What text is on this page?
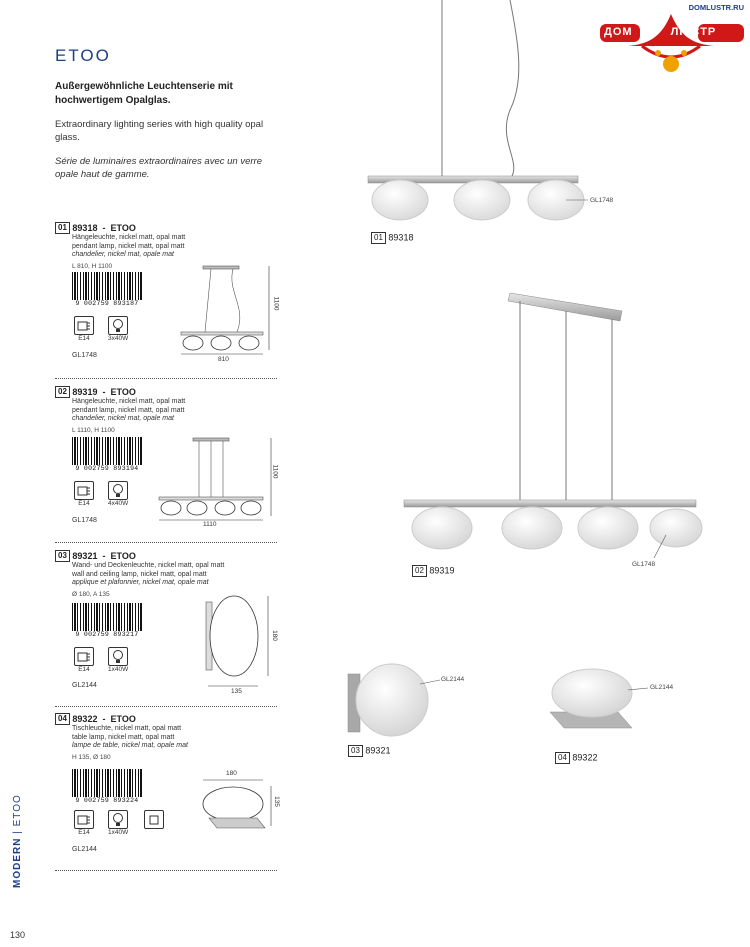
DOMLUSTR.RU
ДОМ ЛЮСТР
ETOO
Außergewöhnliche Leuchtenserie mit hochwertigem Opalglas.
Extraordinary lighting series with high quality opal glass.
Série de luminaires extraordinaires avec un verre opale haut de gamme.
01 89318  -  ETOO
Hängeleuchte, nickel matt, opal matt
pendant lamp, nickel matt, opal matt
chandelier, nickel mat, opale mat
L 810, H 1100
9 002759 893187
E14	3x40W
GL1748
810
1100
02 89319  -  ETOO
Hängeleuchte, nickel matt, opal matt
pendant lamp, nickel matt, opal matt
chandelier, nickel mat, opale mat
L 1110, H 1100
9 002759 893194
E14	4x40W
GL1748
1110
1100
03 89321  -  ETOO
Wand- und Deckenleuchte, nickel matt, opal matt
wall and ceiling lamp, nickel matt, opal matt
applique et plafonnier, nickel mat, opale mat
Ø 180, A 135
9 002759 893217
E14	1x40W
GL2144
135
180
04 89322  -  ETOO
Tischleuchte, nickel matt, opal matt
table lamp, nickel matt, opal matt
lampe de table, nickel mat, opale mat
H 135, Ø 180
9 002759 893224
E14	1x40W
GL2144
180
135
GL1748
01 89318
GL1748
02 89319
GL2144
03 89321
GL2144
04 89322
MODERN | ETOO
130
